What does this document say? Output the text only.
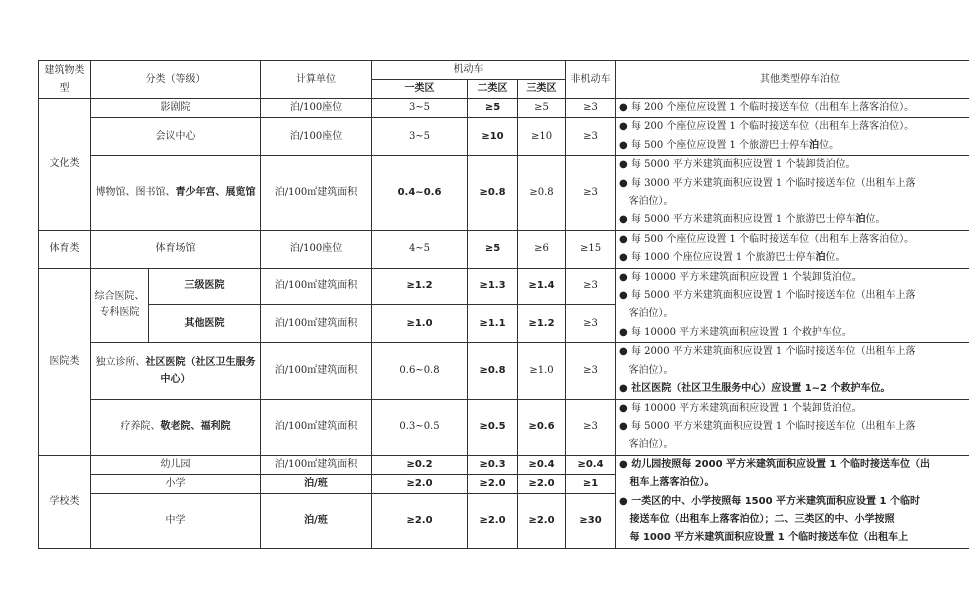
建筑物类型	分类（等级）		计算单位	机动车			非机动车	其他类型停车泊位
				一类区	二类区	三类区		
文化类	影剧院		泊/100座位	3~5	≥5	≥5	≥3	● 每 200 个座位应设置 1 个临时接送车位（出租车上落客泊位）。

	会议中心		泊/100座位	3~5	≥10	≥10	≥3	● 每 200 个座位应设置 1 个临时接送车位（出租车上落客泊位）。
● 每 500 个座位应设置 1 个旅游巴士停车泊位。

	博物馆、图书馆、青少年宫、展览馆		泊/100㎡建筑面积	0.4~0.6	≥0.8	≥0.8	≥3	● 每 5000 平方米建筑面积应设置 1 个装卸货泊位。
● 每 3000 平方米建筑面积应设置 1 个临时接送车位（出租车上落
客泊位）。
● 每 5000 平方米建筑面积应设置 1 个旅游巴士停车泊位。

体育类	体育场馆		泊/100座位	4~5	≥5	≥6	≥15	● 每 500 个座位应设置 1 个临时接送车位（出租车上落客泊位）。
● 每 1000 个座位应设置 1 个旅游巴士停车泊位。

医院类	综合医院、专科医院	三级医院	泊/100㎡建筑面积	≥1.2	≥1.3	≥1.4	≥3	● 每 10000 平方米建筑面积应设置 1 个装卸货泊位。
● 每 5000 平方米建筑面积应设置 1 个临时接送车位（出租车上落
客泊位）。
● 每 10000 平方米建筑面积应设置 1 个救护车位。

		其他医院	泊/100㎡建筑面积	≥1.0	≥1.1	≥1.2	≥3	
	独立诊所、社区医院（社区卫生服务中心）		泊/100㎡建筑面积	0.6~0.8	≥0.8	≥1.0	≥3	● 每 2000 平方米建筑面积应设置 1 个临时接送车位（出租车上落
客泊位）。
● 社区医院（社区卫生服务中心）应设置 1~2 个救护车位。

	疗养院、敬老院、福利院		泊/100㎡建筑面积	0.3~0.5	≥0.5	≥0.6	≥3	● 每 10000 平方米建筑面积应设置 1 个装卸货泊位。
● 每 5000 平方米建筑面积应设置 1 个临时接送车位（出租车上落
客泊位）。

学校类	幼儿园		泊/100㎡建筑面积	≥0.2	≥0.3	≥0.4	≥0.4	● 幼儿园按照每 2000 平方米建筑面积应设置 1 个临时接送车位（出
租车上落客泊位）。
● 一类区的中、小学按照每 1500 平方米建筑面积应设置 1 个临时
接送车位（出租车上落客泊位）；二、三类区的中、小学按照
每 1000 平方米建筑面积应设置 1 个临时接送车位（出租车上

	小学		泊/班	≥2.0	≥2.0	≥2.0	≥1	
	中学		泊/班	≥2.0	≥2.0	≥2.0	≥30	
